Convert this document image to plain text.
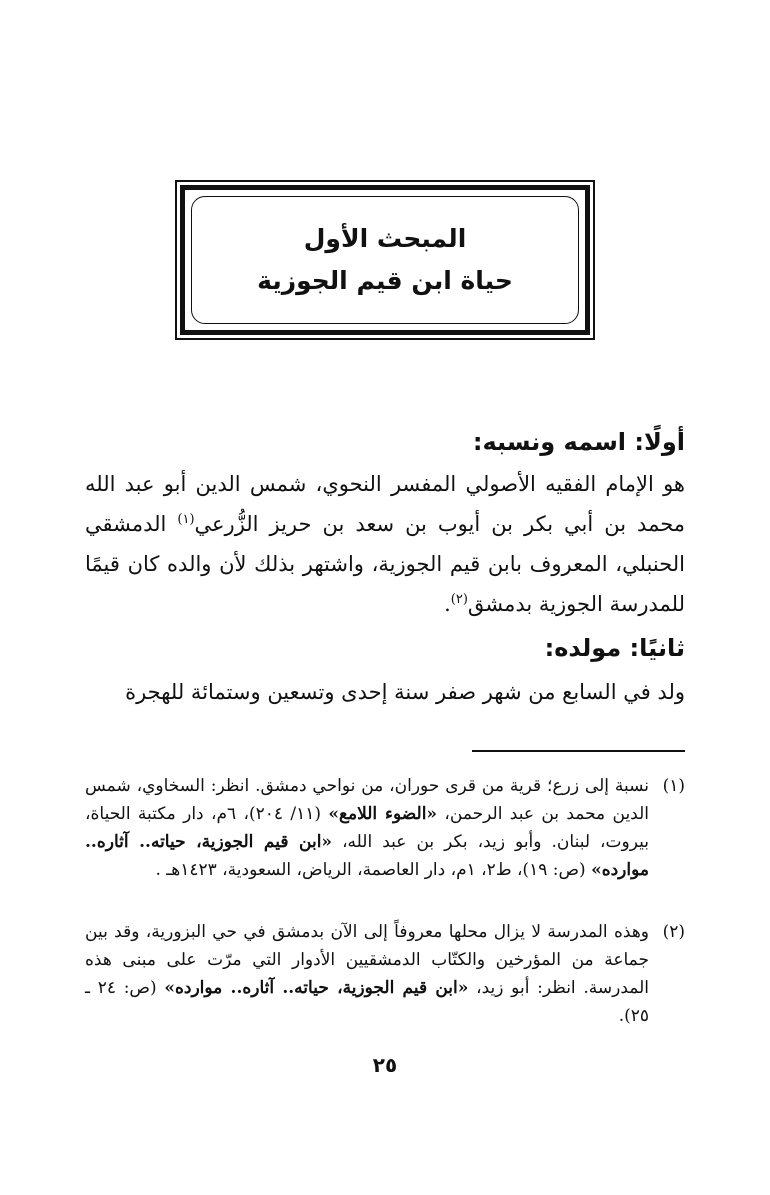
المبحث الأول
حياة ابن قيم الجوزية
أولًا: اسمه ونسبه:

هو الإمام الفقيه الأصولي المفسر النحوي، شمس الدين أبو عبد الله محمد بن أبي بكر بن أيوب بن سعد بن حريز الزُّرعي$^{(١)}$ الدمشقي الحنبلي، المعروف بابن قيم الجوزية، واشتهر بذلك لأن والده كان قيمًا للمدرسة الجوزية بدمشق$^{(٢)}$.

ثانيًا: مولده:

ولد في السابع من شهر صفر سنة إحدى وتسعين وستمائة للهجرة

(١)
نسبة إلى زرع؛ قرية من قرى حوران، من نواحي دمشق. انظر: السخاوي، شمس الدين محمد بن عبد الرحمن، «الضوء اللامع» (١١/ ٢٠٤)، ٦م، دار مكتبة الحياة، بيروت، لبنان. وأبو زيد، بكر بن عبد الله، «ابن قيم الجوزية، حياته.. آثاره.. موارده» (ص: ١٩)، ط٢، ١م، دار العاصمة، الرياض، السعودية، ١٤٢٣هـ .
(٢)
وهذه المدرسة لا يزال محلها معروفاً إلى الآن بدمشق في حي البزورية، وقد بين جماعة من المؤرخين والكتّاب الدمشقيين الأدوار التي مرّت على مبنى هذه المدرسة. انظر: أبو زيد، «ابن قيم الجوزية، حياته.. آثاره.. موارده» (ص: ٢٤ ـ ٢٥).
٢٥
